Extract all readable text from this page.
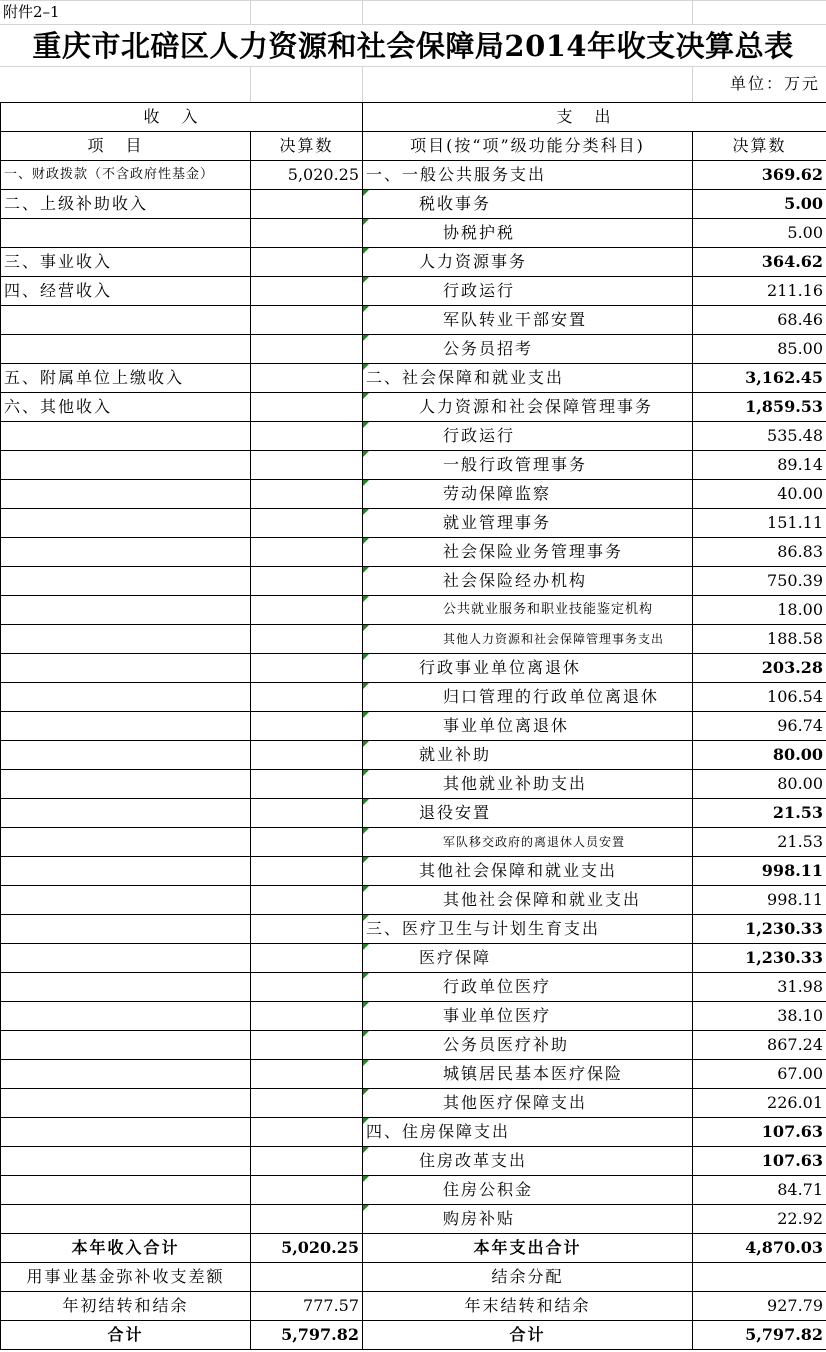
附件2–1
重庆市北碚区人力资源和社会保障局2014年收支决算总表
单位：万元
收入		支出	
项目	决算数	项目(按“项”级功能分类科目)	决算数
一、财政拨款（不含政府性基金）	5,020.25	一、一般公共服务支出	369.62
二、上级补助收入		税收事务	5.00
		协税护税	5.00
三、事业收入		人力资源事务	364.62
四、经营收入		行政运行	211.16
		军队转业干部安置	68.46
		公务员招考	85.00
五、附属单位上缴收入		二、社会保障和就业支出	3,162.45
六、其他收入		人力资源和社会保障管理事务	1,859.53
		行政运行	535.48
		一般行政管理事务	89.14
		劳动保障监察	40.00
		就业管理事务	151.11
		社会保险业务管理事务	86.83
		社会保险经办机构	750.39
		公共就业服务和职业技能鉴定机构	18.00
		其他人力资源和社会保障管理事务支出	188.58
		行政事业单位离退休	203.28
		归口管理的行政单位离退休	106.54
		事业单位离退休	96.74
		就业补助	80.00
		其他就业补助支出	80.00
		退役安置	21.53
		军队移交政府的离退休人员安置	21.53
		其他社会保障和就业支出	998.11
		其他社会保障和就业支出	998.11
		三、医疗卫生与计划生育支出	1,230.33
		医疗保障	1,230.33
		行政单位医疗	31.98
		事业单位医疗	38.10
		公务员医疗补助	867.24
		城镇居民基本医疗保险	67.00
		其他医疗保障支出	226.01
		四、住房保障支出	107.63
		住房改革支出	107.63
		住房公积金	84.71
		购房补贴	22.92
本年收入合计	5,020.25	本年支出合计	4,870.03
用事业基金弥补收支差额		结余分配	
年初结转和结余	777.57	年末结转和结余	927.79
合计	5,797.82	合计	5,797.82
